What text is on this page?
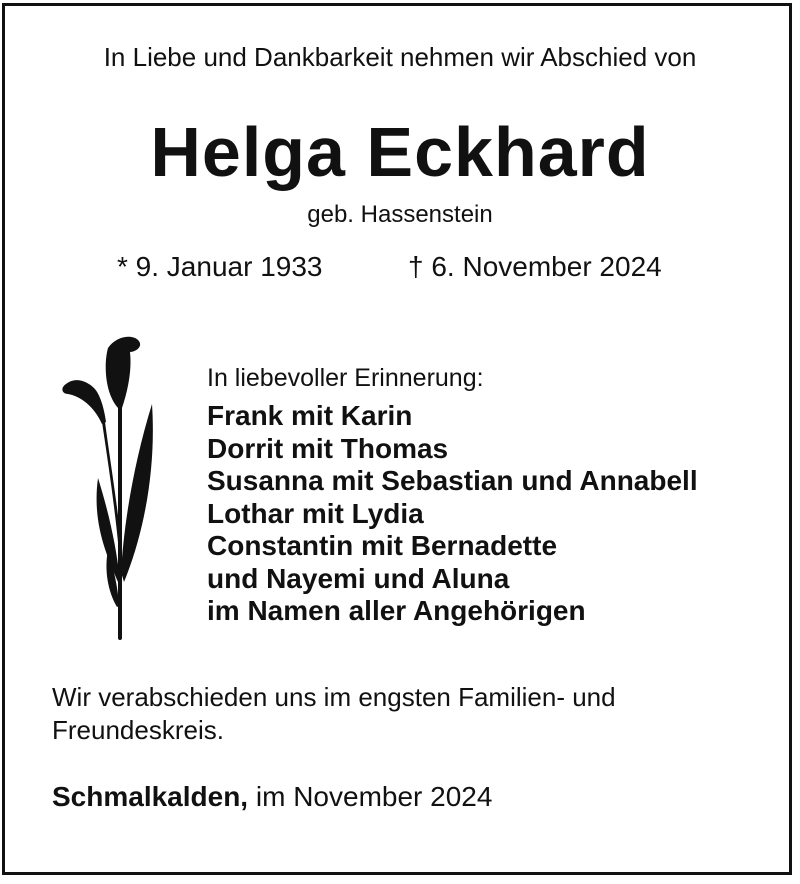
In Liebe und Dankbarkeit nehmen wir Abschied von
Helga Eckhard
geb. Hassenstein
* 9. Januar 1933	† 6. November 2024
In liebevoller Erinnerung:
Frank mit Karin
Dorrit mit Thomas
Susanna mit Sebastian und Annabell
Lothar mit Lydia
Constantin mit Bernadette
und Nayemi und Aluna
im Namen aller Angehörigen
Wir verabschieden uns im engsten Familien- und Freundeskreis.
Schmalkalden, im November 2024
